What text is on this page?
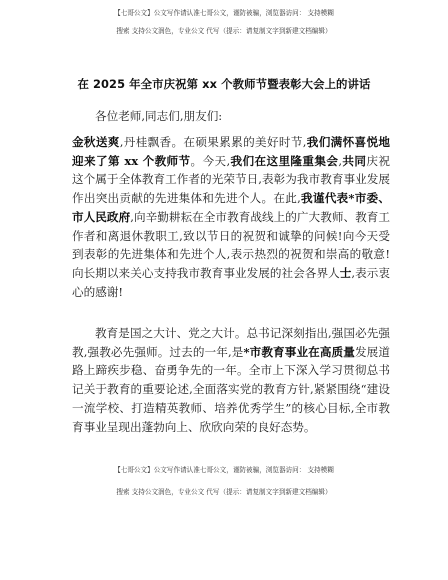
【七哥公文】公文写作请认准七哥公文，谨防被骗，浏览器访问： 支持模糊
搜索 支持公文润色，专业公文 代写（提示：请复制文字到新建文档编辑）
在 2025 年全市庆祝第 xx 个教师节暨表彰大会上的讲话
各位老师,同志们,朋友们:

金秋送爽,丹桂飘香。在硕果累累的美好时节,我们满怀喜悦地迎来了第 xx 个教师节。今天,我们在这里隆重集会,共同庆祝这个属于全体教育工作者的光荣节日,表彰为我市教育事业发展作出突出贡献的先进集体和先进个人。在此,我谨代表*市委、市人民政府,向辛勤耕耘在全市教育战线上的广大教师、教育工作者和离退休教职工,致以节日的祝贺和诚挚的问候!向今天受到表彰的先进集体和先进个人,表示热烈的祝贺和崇高的敬意!向长期以来关心支持我市教育事业发展的社会各界人士,表示衷心的感谢!

教育是国之大计、党之大计。总书记深刻指出,强国必先强教,强教必先强师。过去的一年,是*市教育事业在高质量发展道路上蹄疾步稳、奋勇争先的一年。全市上下深入学习贯彻总书记关于教育的重要论述,全面落实党的教育方针,紧紧围绕“建设一流学校、打造精英教师、培养优秀学生”的核心目标,全市教育事业呈现出蓬勃向上、欣欣向荣的良好态势。

【七哥公文】公文写作请认准七哥公文，谨防被骗，浏览器访问： 支持模糊
搜索 支持公文润色，专业公文 代写（提示：请复制文字到新建文档编辑）
